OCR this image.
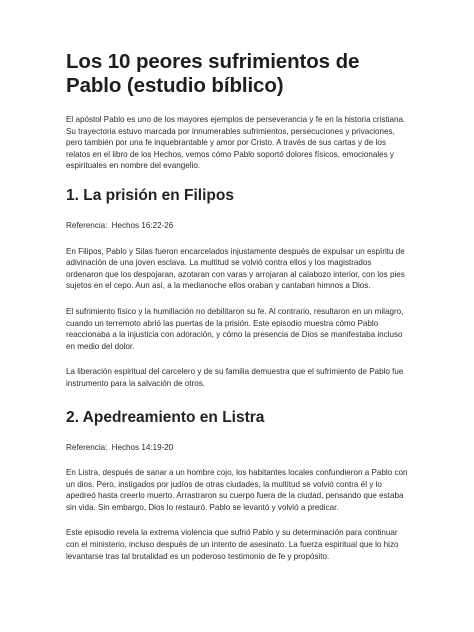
Los 10 peores sufrimientos de Pablo (estudio bíblico)

El apóstol Pablo es uno de los mayores ejemplos de perseverancia y fe en la historia cristiana. Su trayectoria estuvo marcada por innumerables sufrimientos, persecuciones y privaciones, pero también por una fe inquebrantable y amor por Cristo. A través de sus cartas y de los relatos en el libro de los Hechos, vemos cómo Pablo soportó dolores físicos, emocionales y espirituales en nombre del evangelio.

1. La prisión en Filipos

Referencia: Hechos 16:22-26

En Filipos, Pablo y Silas fueron encarcelados injustamente después de expulsar un espíritu de adivinación de una joven esclava. La multitud se volvió contra ellos y los magistrados ordenaron que los despojaran, azotaran con varas y arrojaran al calabozo interior, con los pies sujetos en el cepo. Aun así, a la medianoche ellos oraban y cantaban himnos a Dios.

El sufrimiento físico y la humillación no debilitaron su fe. Al contrario, resultaron en un milagro, cuando un terremoto abrió las puertas de la prisión. Este episodio muestra cómo Pablo reaccionaba a la injusticia con adoración, y cómo la presencia de Dios se manifestaba incluso en medio del dolor.

La liberación espiritual del carcelero y de su familia demuestra que el sufrimiento de Pablo fue instrumento para la salvación de otros.

2. Apedreamiento en Listra

Referencia: Hechos 14:19-20

En Listra, después de sanar a un hombre cojo, los habitantes locales confundieron a Pablo con un dios. Pero, instigados por judíos de otras ciudades, la multitud se volvió contra él y lo apedreó hasta creerlo muerto. Arrastraron su cuerpo fuera de la ciudad, pensando que estaba sin vida. Sin embargo, Dios lo restauró. Pablo se levantó y volvió a predicar.

Este episodio revela la extrema violencia que sufrió Pablo y su determinación para continuar con el ministerio, incluso después de un intento de asesinato. La fuerza espiritual que lo hizo levantarse tras tal brutalidad es un poderoso testimonio de fe y propósito.
